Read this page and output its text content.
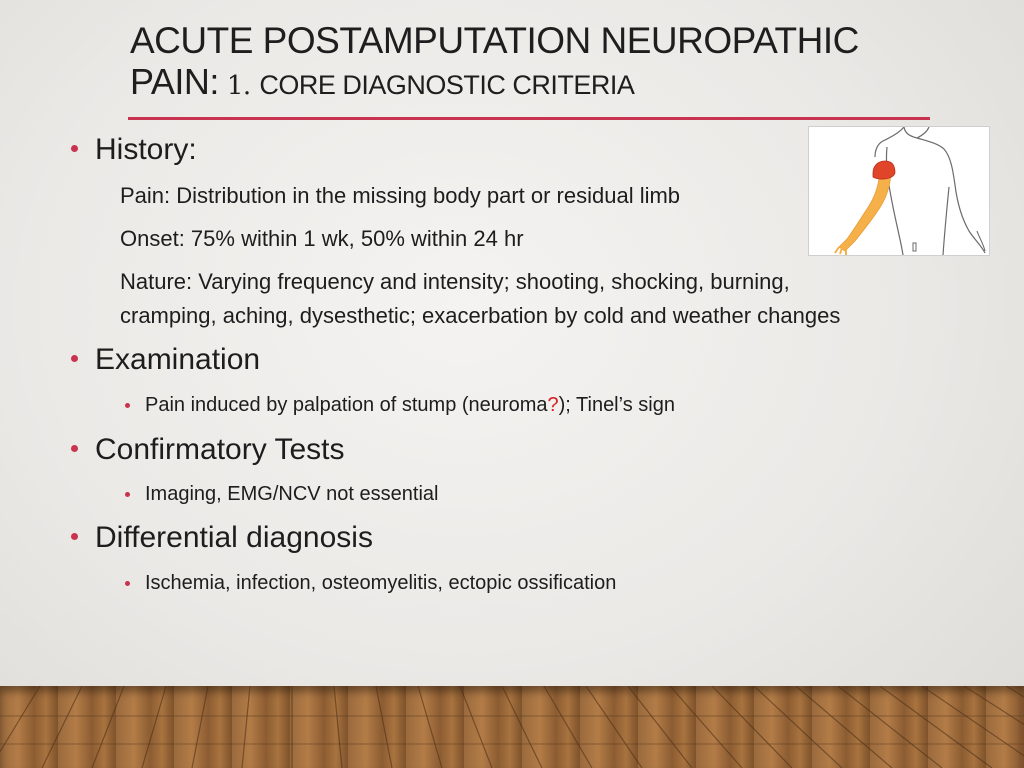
ACUTE POSTAMPUTATION NEUROPATHIC
PAIN: 1. CORE DIAGNOSTIC CRITERIA
History:
Pain: Distribution in the missing body part or residual limb
Onset: 75% within 1 wk, 50% within 24 hr
Nature: Varying frequency and intensity; shooting, shocking, burning,
cramping, aching, dysesthetic; exacerbation by cold and weather changes
Examination
Pain induced by palpation of stump (neuroma?); Tinel’s sign
Confirmatory Tests
Imaging, EMG/NCV not essential
Differential diagnosis
Ischemia, infection, osteomyelitis, ectopic ossification
